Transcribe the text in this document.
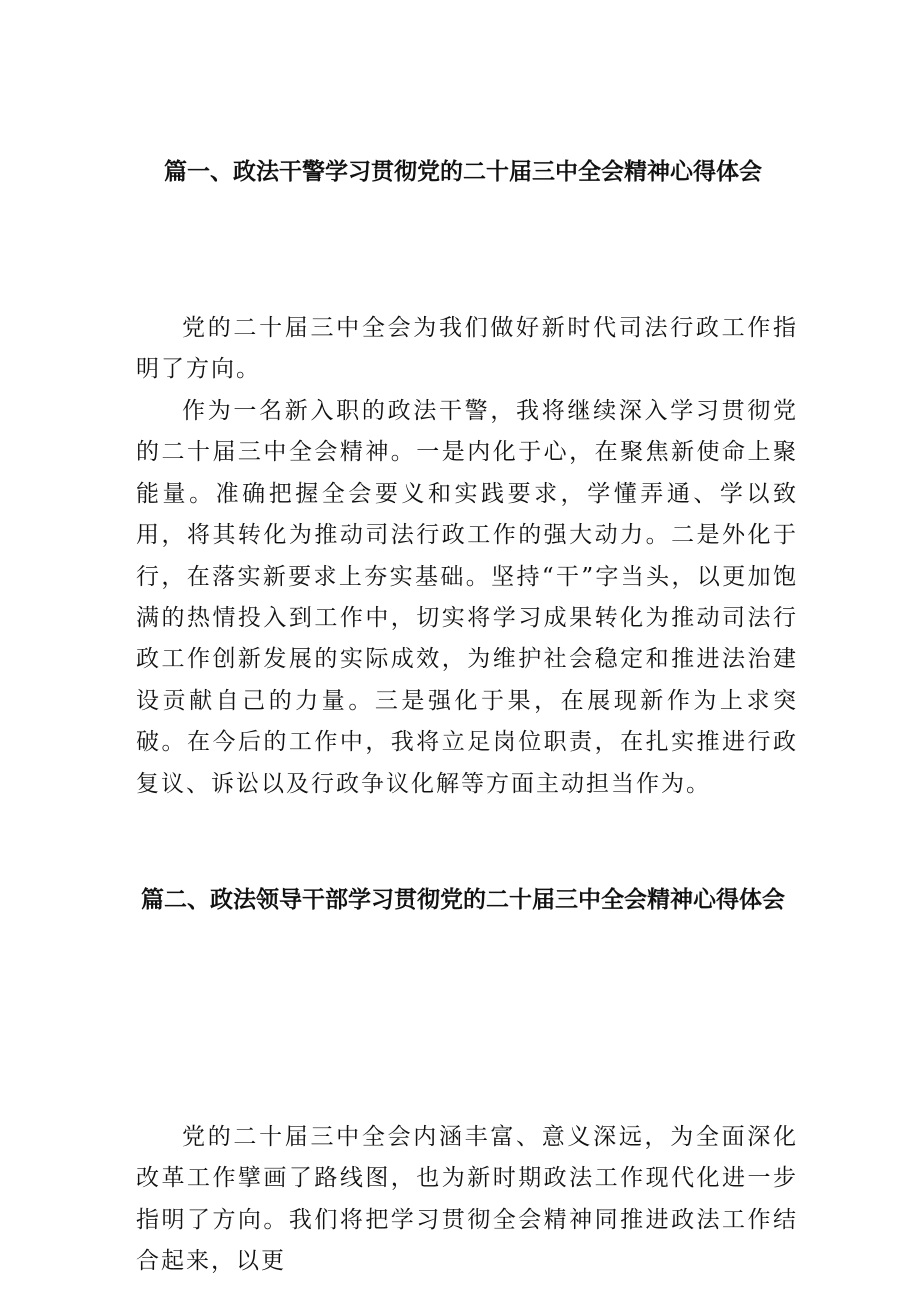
篇一、政法干警学习贯彻党的二十届三中全会精神心得体会

党的二十届三中全会为我们做好新时代司法行政工作指明了方向。

作为一名新入职的政法干警，我将继续深入学习贯彻党的二十届三中全会精神。一是内化于心，在聚焦新使命上聚能量。准确把握全会要义和实践要求，学懂弄通、学以致用，将其转化为推动司法行政工作的强大动力。二是外化于行，在落实新要求上夯实基础。坚持“干”字当头，以更加饱满的热情投入到工作中，切实将学习成果转化为推动司法行政工作创新发展的实际成效，为维护社会稳定和推进法治建设贡献自己的力量。三是强化于果，在展现新作为上求突破。在今后的工作中，我将立足岗位职责，在扎实推进行政复议、诉讼以及行政争议化解等方面主动担当作为。

篇二、政法领导干部学习贯彻党的二十届三中全会精神心得体会

党的二十届三中全会内涵丰富、意义深远，为全面深化改革工作擘画了路线图，也为新时期政法工作现代化进一步指明了方向。我们将把学习贯彻全会精神同推进政法工作结合起来，以更
